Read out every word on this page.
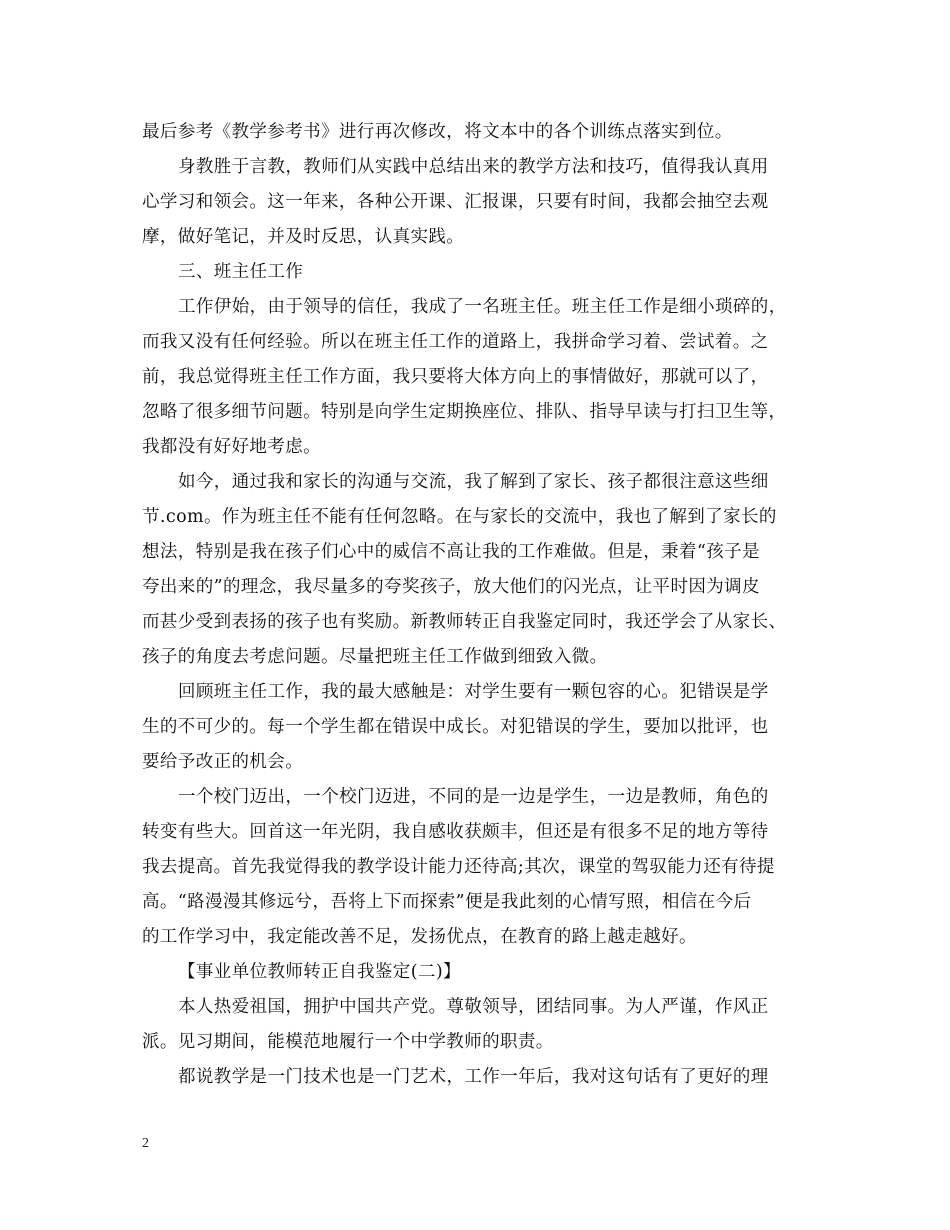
最后参考《教学参考书》进行再次修改，将文本中的各个训练点落实到位。
身教胜于言教，教师们从实践中总结出来的教学方法和技巧，值得我认真用
心学习和领会。这一年来，各种公开课、汇报课，只要有时间，我都会抽空去观
摩，做好笔记，并及时反思，认真实践。
三、班主任工作
工作伊始，由于领导的信任，我成了一名班主任。班主任工作是细小琐碎的，
而我又没有任何经验。所以在班主任工作的道路上，我拼命学习着、尝试着。之
前，我总觉得班主任工作方面，我只要将大体方向上的事情做好，那就可以了，
忽略了很多细节问题。特别是向学生定期换座位、排队、指导早读与打扫卫生等，
我都没有好好地考虑。
如今，通过我和家长的沟通与交流，我了解到了家长、孩子都很注意这些细
节.com。作为班主任不能有任何忽略。在与家长的交流中，我也了解到了家长的
想法，特别是我在孩子们心中的威信不高让我的工作难做。但是，秉着“孩子是
夸出来的”的理念，我尽量多的夸奖孩子，放大他们的闪光点，让平时因为调皮
而甚少受到表扬的孩子也有奖励。新教师转正自我鉴定同时，我还学会了从家长、
孩子的角度去考虑问题。尽量把班主任工作做到细致入微。
回顾班主任工作，我的最大感触是：对学生要有一颗包容的心。犯错误是学
生的不可少的。每一个学生都在错误中成长。对犯错误的学生，要加以批评，也
要给予改正的机会。
一个校门迈出，一个校门迈进，不同的是一边是学生，一边是教师，角色的
转变有些大。回首这一年光阴，我自感收获颇丰，但还是有很多不足的地方等待
我去提高。首先我觉得我的教学设计能力还待高;其次，课堂的驾驭能力还有待提
高。“路漫漫其修远兮，吾将上下而探索”便是我此刻的心情写照，相信在今后
的工作学习中，我定能改善不足，发扬优点，在教育的路上越走越好。
【事业单位教师转正自我鉴定(二)】
本人热爱祖国，拥护中国共产党。尊敬领导，团结同事。为人严谨，作风正
派。见习期间，能模范地履行一个中学教师的职责。
都说教学是一门技术也是一门艺术，工作一年后，我对这句话有了更好的理
2
